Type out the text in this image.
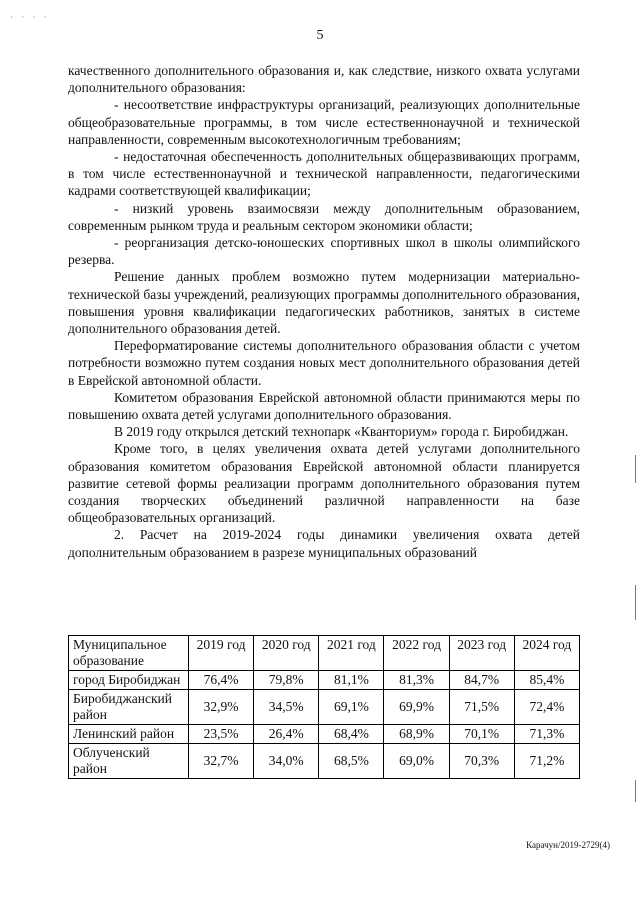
· · · ·
5

качественного дополнительного образования и, как следствие, низкого охвата услугами дополнительного образования:

- несоответствие инфраструктуры организаций, реализующих дополнительные общеобразовательные программы, в том числе естественнонаучной и технической направленности, современным высокотехнологичным требованиям;

- недостаточная обеспеченность дополнительных общеразвивающих программ, в том числе естественнонаучной и технической направленности, педагогическими кадрами соответствующей квалификации;

- низкий уровень взаимосвязи между дополнительным образованием, современным рынком труда и реальным сектором экономики области;

- реорганизация детско-юношеских спортивных школ в школы олимпийского резерва.

Решение данных проблем возможно путем модернизации материально-технической базы учреждений, реализующих программы дополнительного образования, повышения уровня квалификации педагогических работников, занятых в системе дополнительного образования детей.

Переформатирование системы дополнительного образования области с учетом потребности возможно путем создания новых мест дополнительного образования детей в Еврейской автономной области.

Комитетом образования Еврейской автономной области принимаются меры по повышению охвата детей услугами дополнительного образования.

В 2019 году открылся детский технопарк «Кванториум» города г. Биробиджан.

Кроме того, в целях увеличения охвата детей услугами дополнительного образования комитетом образования Еврейской автономной области планируется развитие сетевой формы реализации программ дополнительного образования путем создания творческих объединений различной направленности на базе общеобразовательных организаций.

2. Расчет на 2019-2024 годы динамики увеличения охвата детей дополнительным образованием в разрезе муниципальных образований

Муниципальное образование	2019 год	2020 год	2021 год	2022 год	2023 год	2024 год
город Биробиджан	76,4%	79,8%	81,1%	81,3%	84,7%	85,4%
Биробиджанский район	32,9%	34,5%	69,1%	69,9%	71,5%	72,4%
Ленинский район	23,5%	26,4%	68,4%	68,9%	70,1%	71,3%
Облученский район	32,7%	34,0%	68,5%	69,0%	70,3%	71,2%
Карачун/2019-2729(4)
